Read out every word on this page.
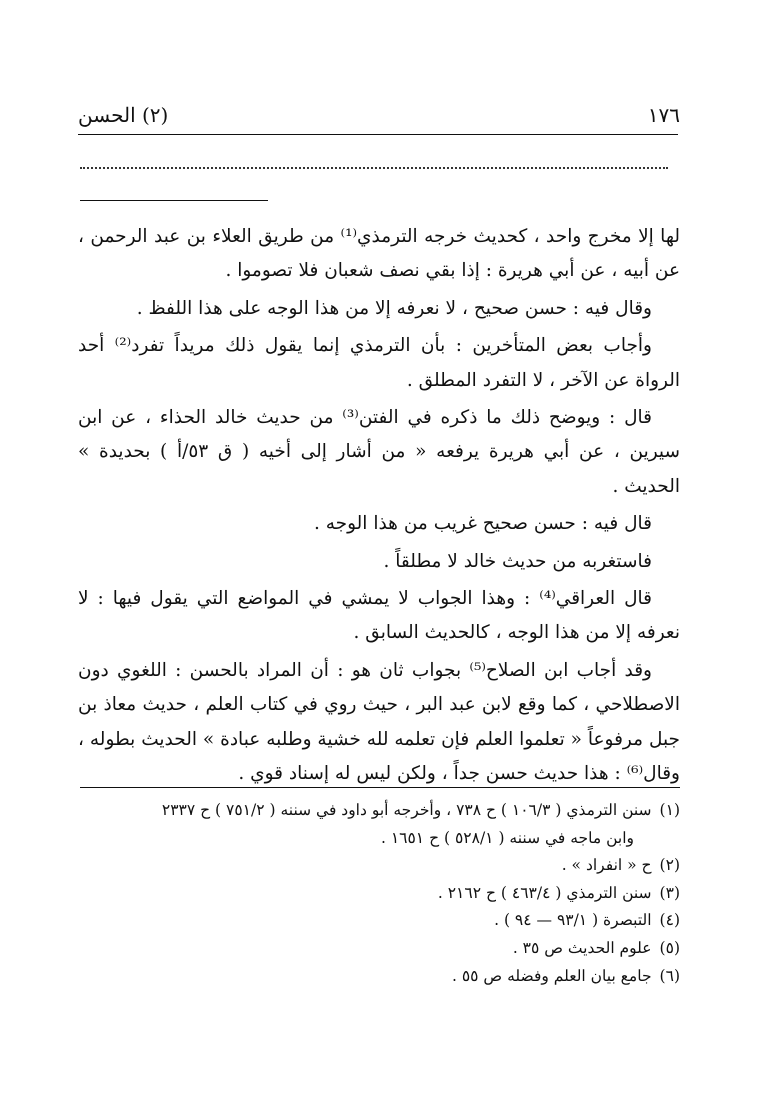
١٧٦
(٢) الحسن

لها إلا مخرج واحد ، كحديث خرجه الترمذي⁽¹⁾ من طريق العلاء بن عبد الرحمن ، عن أبيه ، عن أبي هريرة : إذا بقي نصف شعبان فلا تصوموا .

وقال فيه : حسن صحيح ، لا نعرفه إلا من هذا الوجه على هذا اللفظ .

وأجاب بعض المتأخرين : بأن الترمذي إنما يقول ذلك مريداً تفرد⁽²⁾ أحد الرواة عن الآخر ، لا التفرد المطلق .

قال : ويوضح ذلك ما ذكره في الفتن⁽³⁾ من حديث خالد الحذاء ، عن ابن سيرين ، عن أبي هريرة يرفعه « من أشار إلى أخيه ( ق ٥٣/أ ) بحديدة » الحديث .

قال فيه : حسن صحيح غريب من هذا الوجه .

فاستغربه من حديث خالد لا مطلقاً .

قال العراقي⁽⁴⁾ : وهذا الجواب لا يمشي في المواضع التي يقول فيها : لا نعرفه إلا من هذا الوجه ، كالحديث السابق .

وقد أجاب ابن الصلاح⁽⁵⁾ بجواب ثان هو : أن المراد بالحسن : اللغوي دون الاصطلاحي ، كما وقع لابن عبد البر ، حيث روي في كتاب العلم ، حديث معاذ بن جبل مرفوعاً « تعلموا العلم فإن تعلمه لله خشية وطلبه عبادة » الحديث بطوله ، وقال⁽⁶⁾ : هذا حديث حسن جداً ، ولكن ليس له إسناد قوي .

(١)سنن الترمذي ( ١٠٦/٣ ) ح ٧٣٨ ، وأخرجه أبو داود في سننه ( ٧٥١/٢ ) ح ٢٣٣٧

وابن ماجه في سننه ( ٥٢٨/١ ) ح ١٦٥١ .

(٢)ح « انفراد » .

(٣)سنن الترمذي ( ٤٦٣/٤ ) ح ٢١٦٢ .

(٤)التبصرة ( ٩٣/١ — ٩٤ ) .

(٥)علوم الحديث ص ٣٥ .

(٦)جامع بيان العلم وفضله ص ٥٥ .
